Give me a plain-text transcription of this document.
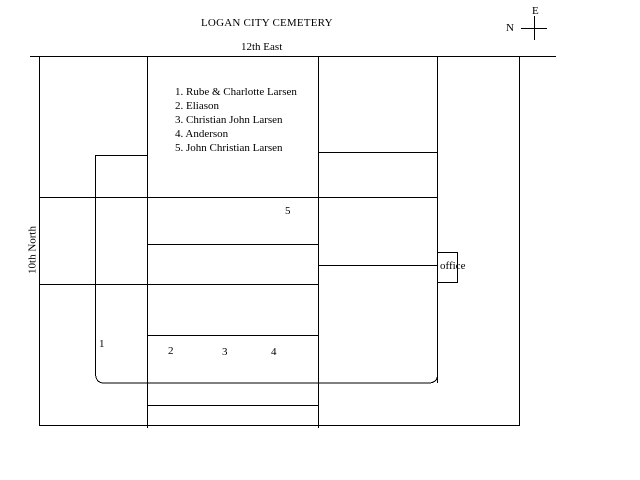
LOGAN CITY CEMETERY
12th East
10th North
N
E
1. Rube & Charlotte Larsen
2. Eliason
3. Christian John Larsen
4. Anderson
5. John Christian Larsen
office
1
2	3	4
5
